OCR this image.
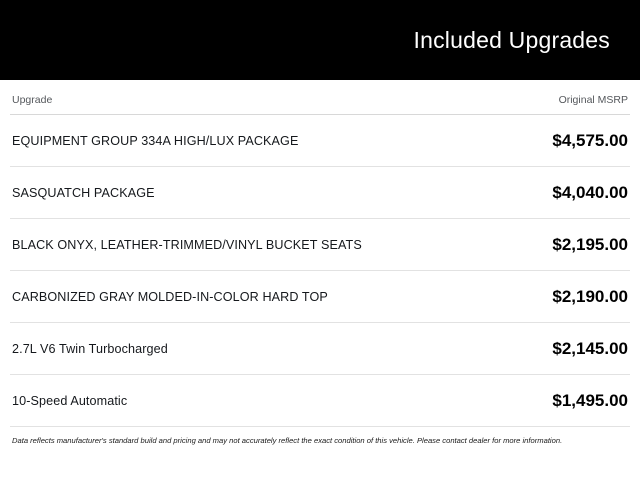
Included Upgrades
Upgrade	Original MSRP
EQUIPMENT GROUP 334A HIGH/LUX PACKAGE	$4,575.00
SASQUATCH PACKAGE	$4,040.00
BLACK ONYX, LEATHER-TRIMMED/VINYL BUCKET SEATS	$2,195.00
CARBONIZED GRAY MOLDED-IN-COLOR HARD TOP	$2,190.00
2.7L V6 Twin Turbocharged	$2,145.00
10-Speed Automatic	$1,495.00
Data reflects manufacturer's standard build and pricing and may not accurately reflect the exact condition of this vehicle. Please contact dealer for more information.
